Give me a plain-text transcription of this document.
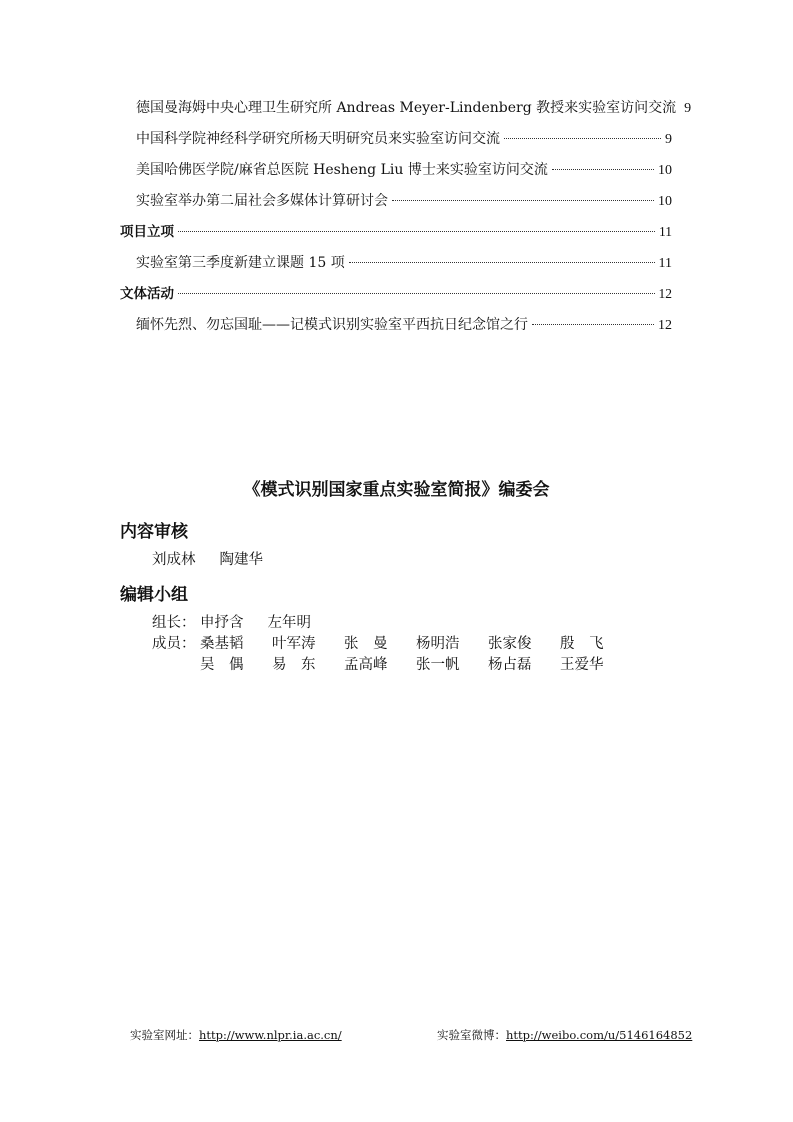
德国曼海姆中央心理卫生研究所 Andreas Meyer-Lindenberg 教授来实验室访问交流 9
中国科学院神经科学研究所杨天明研究员来实验室访问交流	9
美国哈佛医学院/麻省总医院 Hesheng Liu 博士来实验室访问交流	10
实验室举办第二届社会多媒体计算研讨会	10
项目立项	11
实验室第三季度新建立课题 15 项	11
文体活动	12
缅怀先烈、勿忘国耻——记模式识别实验室平西抗日纪念馆之行	12
《模式识别国家重点实验室简报》编委会
内容审核
刘成林 陶建华
编辑小组
组长： 申抒含 左年明
成员： 桑基韬	叶军涛	张　曼	杨明浩	张家俊	殷　飞
吴　偶	易　东	孟高峰	张一帆	杨占磊	王爱华
实验室网址：http://www.nlpr.ia.ac.cn/	实验室微博：http://weibo.com/u/5146164852
